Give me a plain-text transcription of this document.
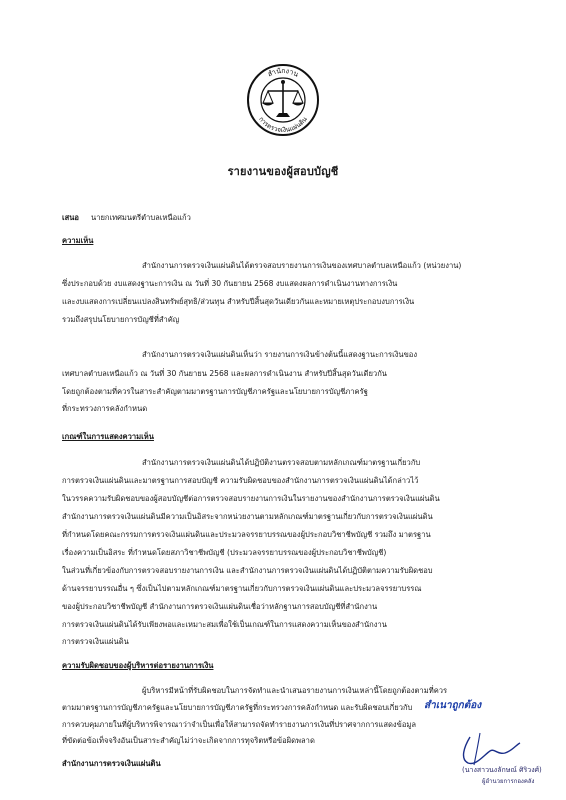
สำนักงาน
การตรวจเงินแผ่นดิน
รายงานของผู้สอบบัญชี
เสนอ นายกเทศมนตรีตำบลเหนือแก้ว
ความเห็น
สำนักงานการตรวจเงินแผ่นดินได้ตรวจสอบรายงานการเงินของเทศบาลตำบลเหนือแก้ว (หน่วยงาน)
ซึ่งประกอบด้วย งบแสดงฐานะการเงิน ณ วันที่ 30 กันยายน 2568 งบแสดงผลการดำเนินงานทางการเงิน
และงบแสดงการเปลี่ยนแปลงสินทรัพย์สุทธิ/ส่วนทุน สำหรับปีสิ้นสุดวันเดียวกันและหมายเหตุประกอบงบการเงิน
รวมถึงสรุปนโยบายการบัญชีที่สำคัญ
สำนักงานการตรวจเงินแผ่นดินเห็นว่า รายงานการเงินข้างต้นนี้แสดงฐานะการเงินของ
เทศบาลตำบลเหนือแก้ว ณ วันที่ 30 กันยายน 2568 และผลการดำเนินงาน สำหรับปีสิ้นสุดวันเดียวกัน
โดยถูกต้องตามที่ควรในสาระสำคัญตามมาตรฐานการบัญชีภาครัฐและนโยบายการบัญชีภาครัฐ
ที่กระทรวงการคลังกำหนด
เกณฑ์ในการแสดงความเห็น
สำนักงานการตรวจเงินแผ่นดินได้ปฏิบัติงานตรวจสอบตามหลักเกณฑ์มาตรฐานเกี่ยวกับ
การตรวจเงินแผ่นดินและมาตรฐานการสอบบัญชี ความรับผิดชอบของสำนักงานการตรวจเงินแผ่นดินได้กล่าวไว้
ในวรรคความรับผิดชอบของผู้สอบบัญชีต่อการตรวจสอบรายงานการเงินในรายงานของสำนักงานการตรวจเงินแผ่นดิน
สำนักงานการตรวจเงินแผ่นดินมีความเป็นอิสระจากหน่วยงานตามหลักเกณฑ์มาตรฐานเกี่ยวกับการตรวจเงินแผ่นดิน
ที่กำหนดโดยคณะกรรมการตรวจเงินแผ่นดินและประมวลจรรยาบรรณของผู้ประกอบวิชาชีพบัญชี รวมถึง มาตรฐาน
เรื่องความเป็นอิสระ ที่กำหนดโดยสภาวิชาชีพบัญชี (ประมวลจรรยาบรรณของผู้ประกอบวิชาชีพบัญชี)
ในส่วนที่เกี่ยวข้องกับการตรวจสอบรายงานการเงิน และสำนักงานการตรวจเงินแผ่นดินได้ปฏิบัติตามความรับผิดชอบ
ด้านจรรยาบรรณอื่น ๆ ซึ่งเป็นไปตามหลักเกณฑ์มาตรฐานเกี่ยวกับการตรวจเงินแผ่นดินและประมวลจรรยาบรรณ
ของผู้ประกอบวิชาชีพบัญชี สำนักงานการตรวจเงินแผ่นดินเชื่อว่าหลักฐานการสอบบัญชีที่สำนักงาน
การตรวจเงินแผ่นดินได้รับเพียงพอและเหมาะสมเพื่อใช้เป็นเกณฑ์ในการแสดงความเห็นของสำนักงาน
การตรวจเงินแผ่นดิน
ความรับผิดชอบของผู้บริหารต่อรายงานการเงิน
ผู้บริหารมีหน้าที่รับผิดชอบในการจัดทำและนำเสนอรายงานการเงินเหล่านี้โดยถูกต้องตามที่ควร
ตามมาตรฐานการบัญชีภาครัฐและนโยบายการบัญชีภาครัฐที่กระทรวงการคลังกำหนด และรับผิดชอบเกี่ยวกับ
การควบคุมภายในที่ผู้บริหารพิจารณาว่าจำเป็นเพื่อให้สามารถจัดทำรายงานการเงินที่ปราศจากการแสดงข้อมูล
ที่ขัดต่อข้อเท็จจริงอันเป็นสาระสำคัญไม่ว่าจะเกิดจากการทุจริตหรือข้อผิดพลาด
สำนักงานการตรวจเงินแผ่นดิน
สำเนาถูกต้อง
(นางสาวนงลักษณ์ ศิริวงศ์)
ผู้อำนวยการกองคลัง
